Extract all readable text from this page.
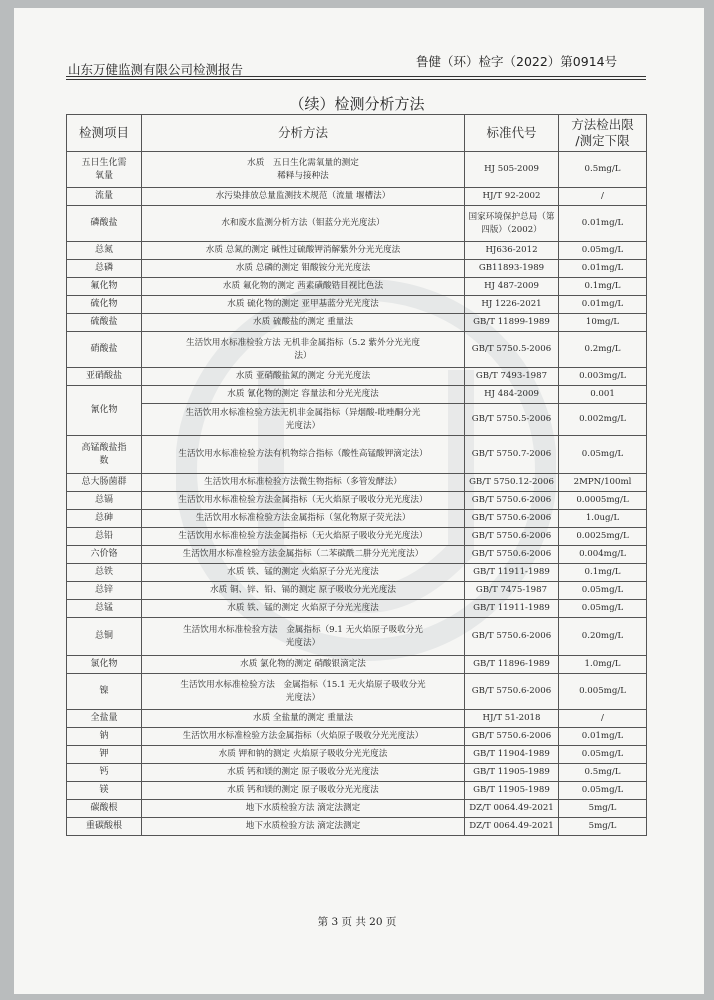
山东万健监测有限公司检测报告
鲁健（环）检字（2022）第0914号
（续）检测分析方法
检测项目	分析方法	标准代号	方法检出限
/测定下限
五日生化需
氧量	水质　五日生化需氧量的测定
稀释与接种法	HJ 505-2009	0.5mg/L
流量	水污染排放总量监测技术规范（流量 堰槽法）	HJ/T 92-2002	/
磷酸盐	水和废水监测分析方法（钼蓝分光光度法）	国家环境保护总局（第
四版）（2002）	0.01mg/L
总氮	水质 总氮的测定 碱性过硫酸钾消解紫外分光光度法	HJ636-2012	0.05mg/L
总磷	水质 总磷的测定 钼酸铵分光光度法	GB11893-1989	0.01mg/L
氟化物	水质 氟化物的测定 茜素磺酸锆目视比色法	HJ 487-2009	0.1mg/L
硫化物	水质 硫化物的测定 亚甲基蓝分光光度法	HJ 1226-2021	0.01mg/L
硫酸盐	水质 硫酸盐的测定 重量法	GB/T 11899-1989	10mg/L
硝酸盐	生活饮用水标准检验方法 无机非金属指标（5.2 紫外分光光度
法）	GB/T 5750.5-2006	0.2mg/L
亚硝酸盐	水质 亚硝酸盐氮的测定 分光光度法	GB/T 7493-1987	0.003mg/L
氰化物	水质 氰化物的测定 容量法和分光光度法	HJ 484-2009	0.001
	生活饮用水标准检验方法无机非金属指标（异烟酸-吡唑酮分光
光度法）	GB/T 5750.5-2006	0.002mg/L
高锰酸盐指
数	生活饮用水标准检验方法有机物综合指标（酸性高锰酸钾滴定法）	GB/T 5750.7-2006	0.05mg/L
总大肠菌群	生活饮用水标准检验方法微生物指标（多管发酵法）	GB/T 5750.12-2006	2MPN/100ml
总镉	生活饮用水标准检验方法金属指标（无火焰原子吸收分光光度法）	GB/T 5750.6-2006	0.0005mg/L
总砷	生活饮用水标准检验方法金属指标（氢化物原子荧光法）	GB/T 5750.6-2006	1.0ug/L
总铅	生活饮用水标准检验方法金属指标（无火焰原子吸收分光光度法）	GB/T 5750.6-2006	0.0025mg/L
六价铬	生活饮用水标准检验方法金属指标（二苯碳酰二肼分光光度法）	GB/T 5750.6-2006	0.004mg/L
总铁	水质 铁、锰的测定 火焰原子分光光度法	GB/T 11911-1989	0.1mg/L
总锌	水质 铜、锌、铅、镉的测定 原子吸收分光光度法	GB/T 7475-1987	0.05mg/L
总锰	水质 铁、锰的测定 火焰原子分光光度法	GB/T 11911-1989	0.05mg/L
总铜	生活饮用水标准检验方法　金属指标（9.1 无火焰原子吸收分光
光度法）	GB/T 5750.6-2006	0.20mg/L
氯化物	水质 氯化物的测定 硝酸银滴定法	GB/T 11896-1989	1.0mg/L
镍	生活饮用水标准检验方法　金属指标（15.1 无火焰原子吸收分光
光度法）	GB/T 5750.6-2006	0.005mg/L
全盐量	水质 全盐量的测定 重量法	HJ/T 51-2018	/
钠	生活饮用水标准检验方法金属指标（火焰原子吸收分光光度法）	GB/T 5750.6-2006	0.01mg/L
钾	水质 钾和钠的测定 火焰原子吸收分光光度法	GB/T 11904-1989	0.05mg/L
钙	水质 钙和镁的测定 原子吸收分光光度法	GB/T 11905-1989	0.5mg/L
镁	水质 钙和镁的测定 原子吸收分光光度法	GB/T 11905-1989	0.05mg/L
碳酸根	地下水质检验方法 滴定法测定	DZ/T 0064.49-2021	5mg/L
重碳酸根	地下水质检验方法 滴定法测定	DZ/T 0064.49-2021	5mg/L
第 3 页 共 20 页
